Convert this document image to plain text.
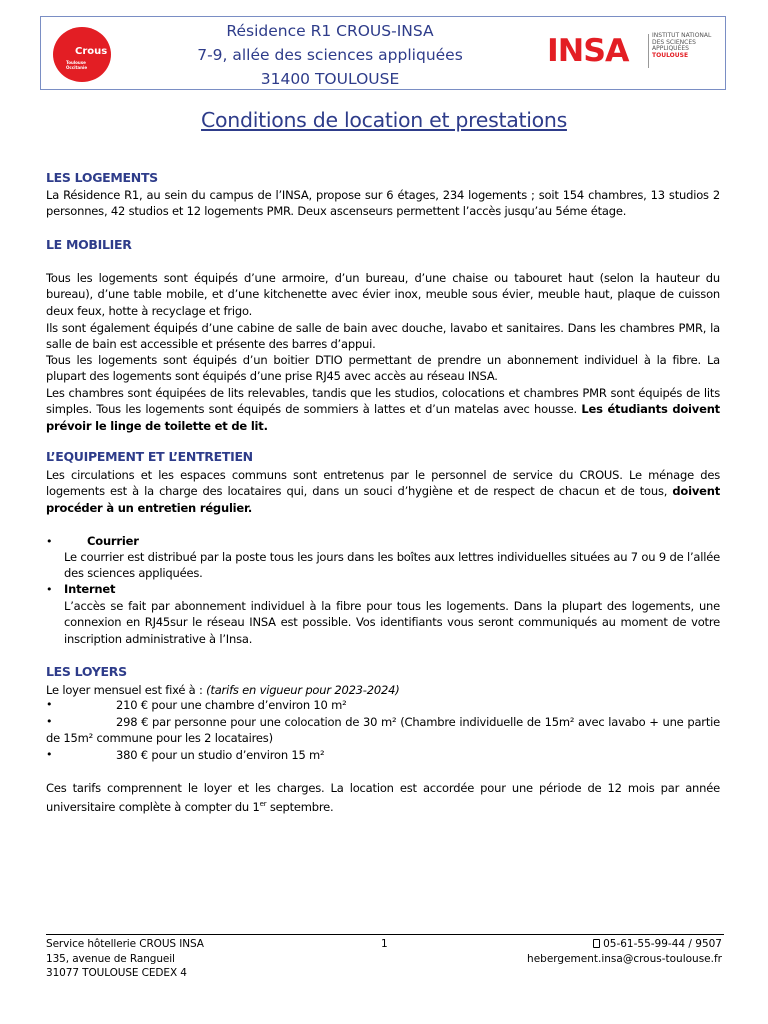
Crous
Toulouse
Occitanie
Résidence R1 CROUS-INSA
7-9, allée des sciences appliquées
31400 TOULOUSE
INSA	INSTITUT NATIONAL
DES SCIENCES
APPLIQUÉES
TOULOUSE
Conditions de location et prestations
LES LOGEMENTS
La Résidence R1, au sein du campus de l’INSA, propose sur 6 étages, 234 logements ; soit 154 chambres, 13 studios 2 personnes, 42 studios et 12 logements PMR. Deux ascenseurs permettent l’accès jusqu’au 5éme étage.
LE MOBILIER
Tous les logements sont équipés d’une armoire, d’un bureau, d’une chaise ou tabouret haut (selon la hauteur du bureau), d’une table mobile, et d’une kitchenette avec évier inox, meuble sous évier, meuble haut, plaque de cuisson deux feux, hotte à recyclage et frigo.
Ils sont également équipés d’une cabine de salle de bain avec douche, lavabo et sanitaires. Dans les chambres PMR, la salle de bain est accessible et présente des barres d’appui.
Tous les logements sont équipés d’un boitier DTIO permettant de prendre un abonnement individuel à la fibre. La plupart des logements sont équipés d’une prise RJ45 avec accès au réseau INSA.
Les chambres sont équipées de lits relevables, tandis que les studios, colocations et chambres PMR sont équipés de lits simples. Tous les logements sont équipés de sommiers à lattes et d’un matelas avec housse. Les étudiants doivent prévoir le linge de toilette et de lit.
L’EQUIPEMENT ET L’ENTRETIEN
Les circulations et les espaces communs sont entretenus par le personnel de service du CROUS. Le ménage des logements est à la charge des locataires qui, dans un souci d’hygiène et de respect de chacun et de tous, doivent procéder à un entretien régulier.
•	Courrier
Le courrier est distribué par la poste tous les jours dans les boîtes aux lettres individuelles situées au 7 ou 9 de l’allée des sciences appliquées.
• Internet
L’accès se fait par abonnement individuel à la fibre pour tous les logements. Dans la plupart des logements, une connexion en RJ45sur le réseau INSA est possible. Vos identifiants vous seront communiqués au moment de votre inscription administrative à l’Insa.
LES LOYERS
Le loyer mensuel est fixé à : (tarifs en vigueur pour 2023-2024)
•	210 € pour une chambre d’environ 10 m²
•	298 € par personne pour une colocation de 30 m² (Chambre individuelle de 15m² avec lavabo + une partie de 15m² commune pour les 2 locataires)
•	380 € pour un studio d’environ 15 m²
Ces tarifs comprennent le loyer et les charges. La location est accordée pour une période de 12 mois par année universitaire complète à compter du 1er septembre.
Service hôtellerie CROUS INSA
135, avenue de Rangueil
31077 TOULOUSE CEDEX 4
1	05-61-55-99-44 / 9507
hebergement.insa@crous-toulouse.fr
